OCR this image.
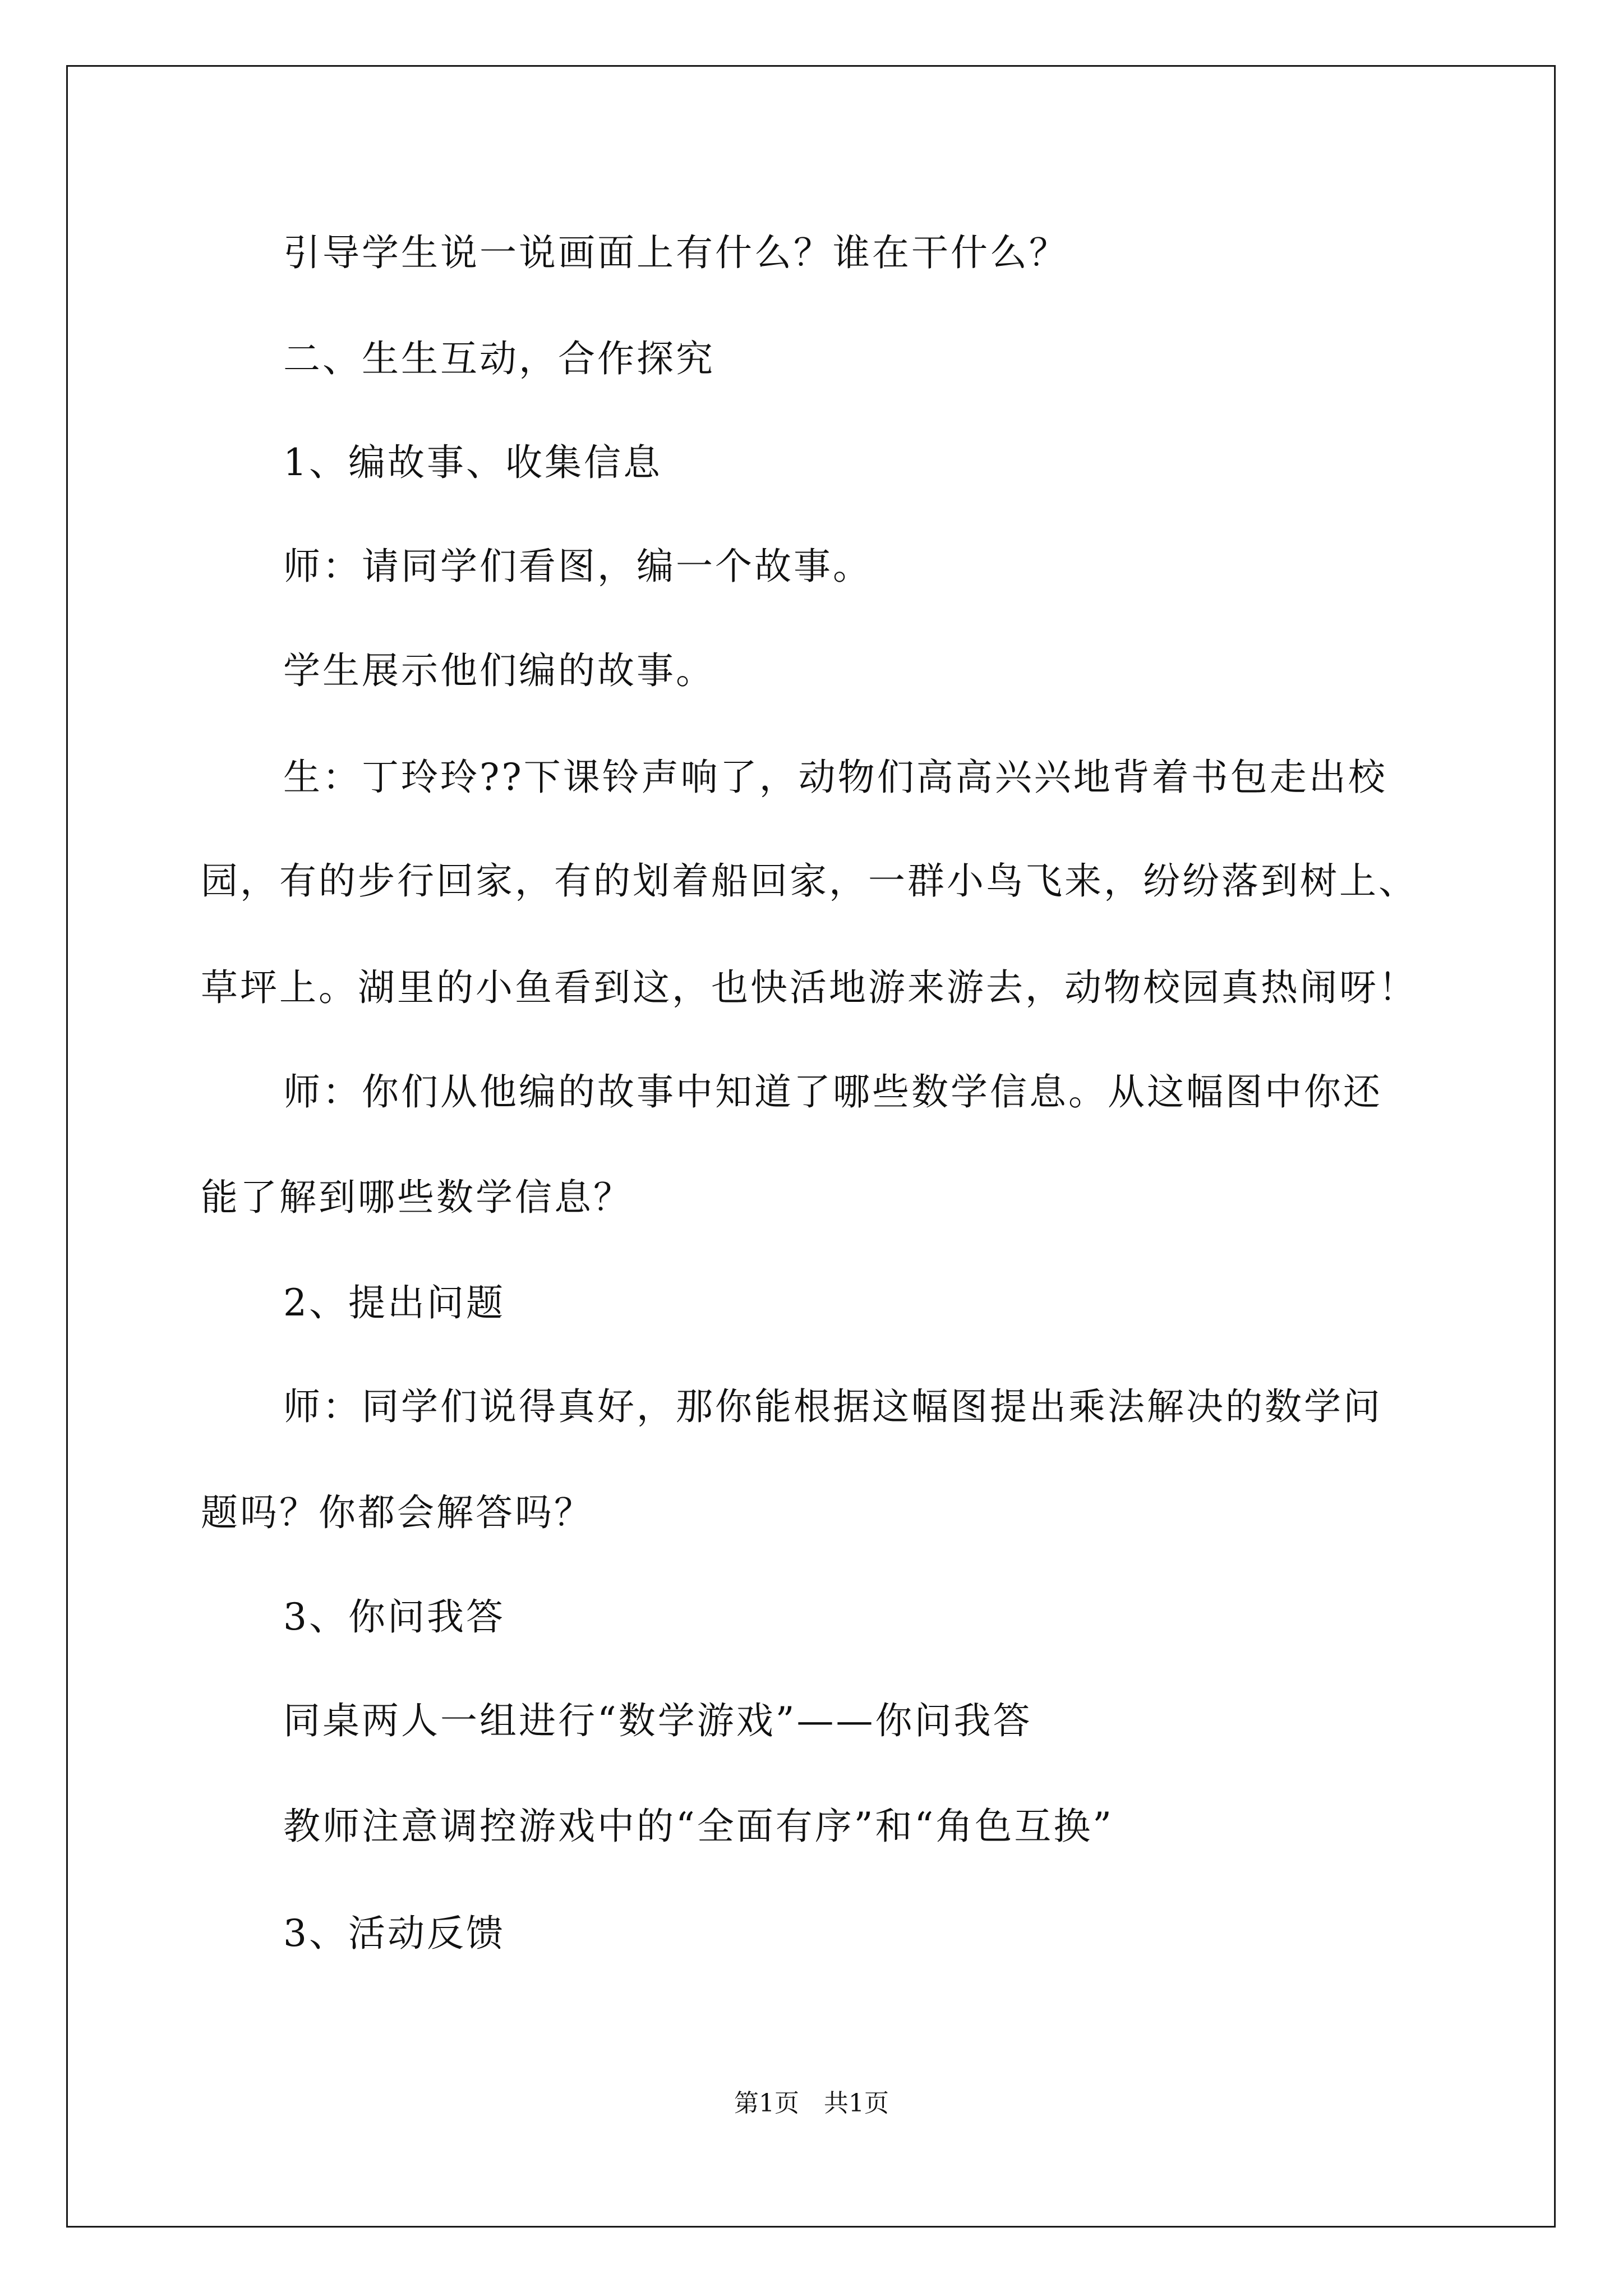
引导学生说一说画面上有什么？谁在干什么？
二、生生互动，合作探究
1、编故事、收集信息
师：请同学们看图，编一个故事。
学生展示他们编的故事。
生：丁玲玲??下课铃声响了，动物们高高兴兴地背着书包走出校
园，有的步行回家，有的划着船回家，一群小鸟飞来，纷纷落到树上、
草坪上。湖里的小鱼看到这，也快活地游来游去，动物校园真热闹呀！
师：你们从他编的故事中知道了哪些数学信息。从这幅图中你还
能了解到哪些数学信息？
2、提出问题
师：同学们说得真好，那你能根据这幅图提出乘法解决的数学问
题吗？你都会解答吗？
3、你问我答
同桌两人一组进行“数学游戏”——你问我答
教师注意调控游戏中的“全面有序”和“角色互换”
3、活动反馈
第1页　共1页
